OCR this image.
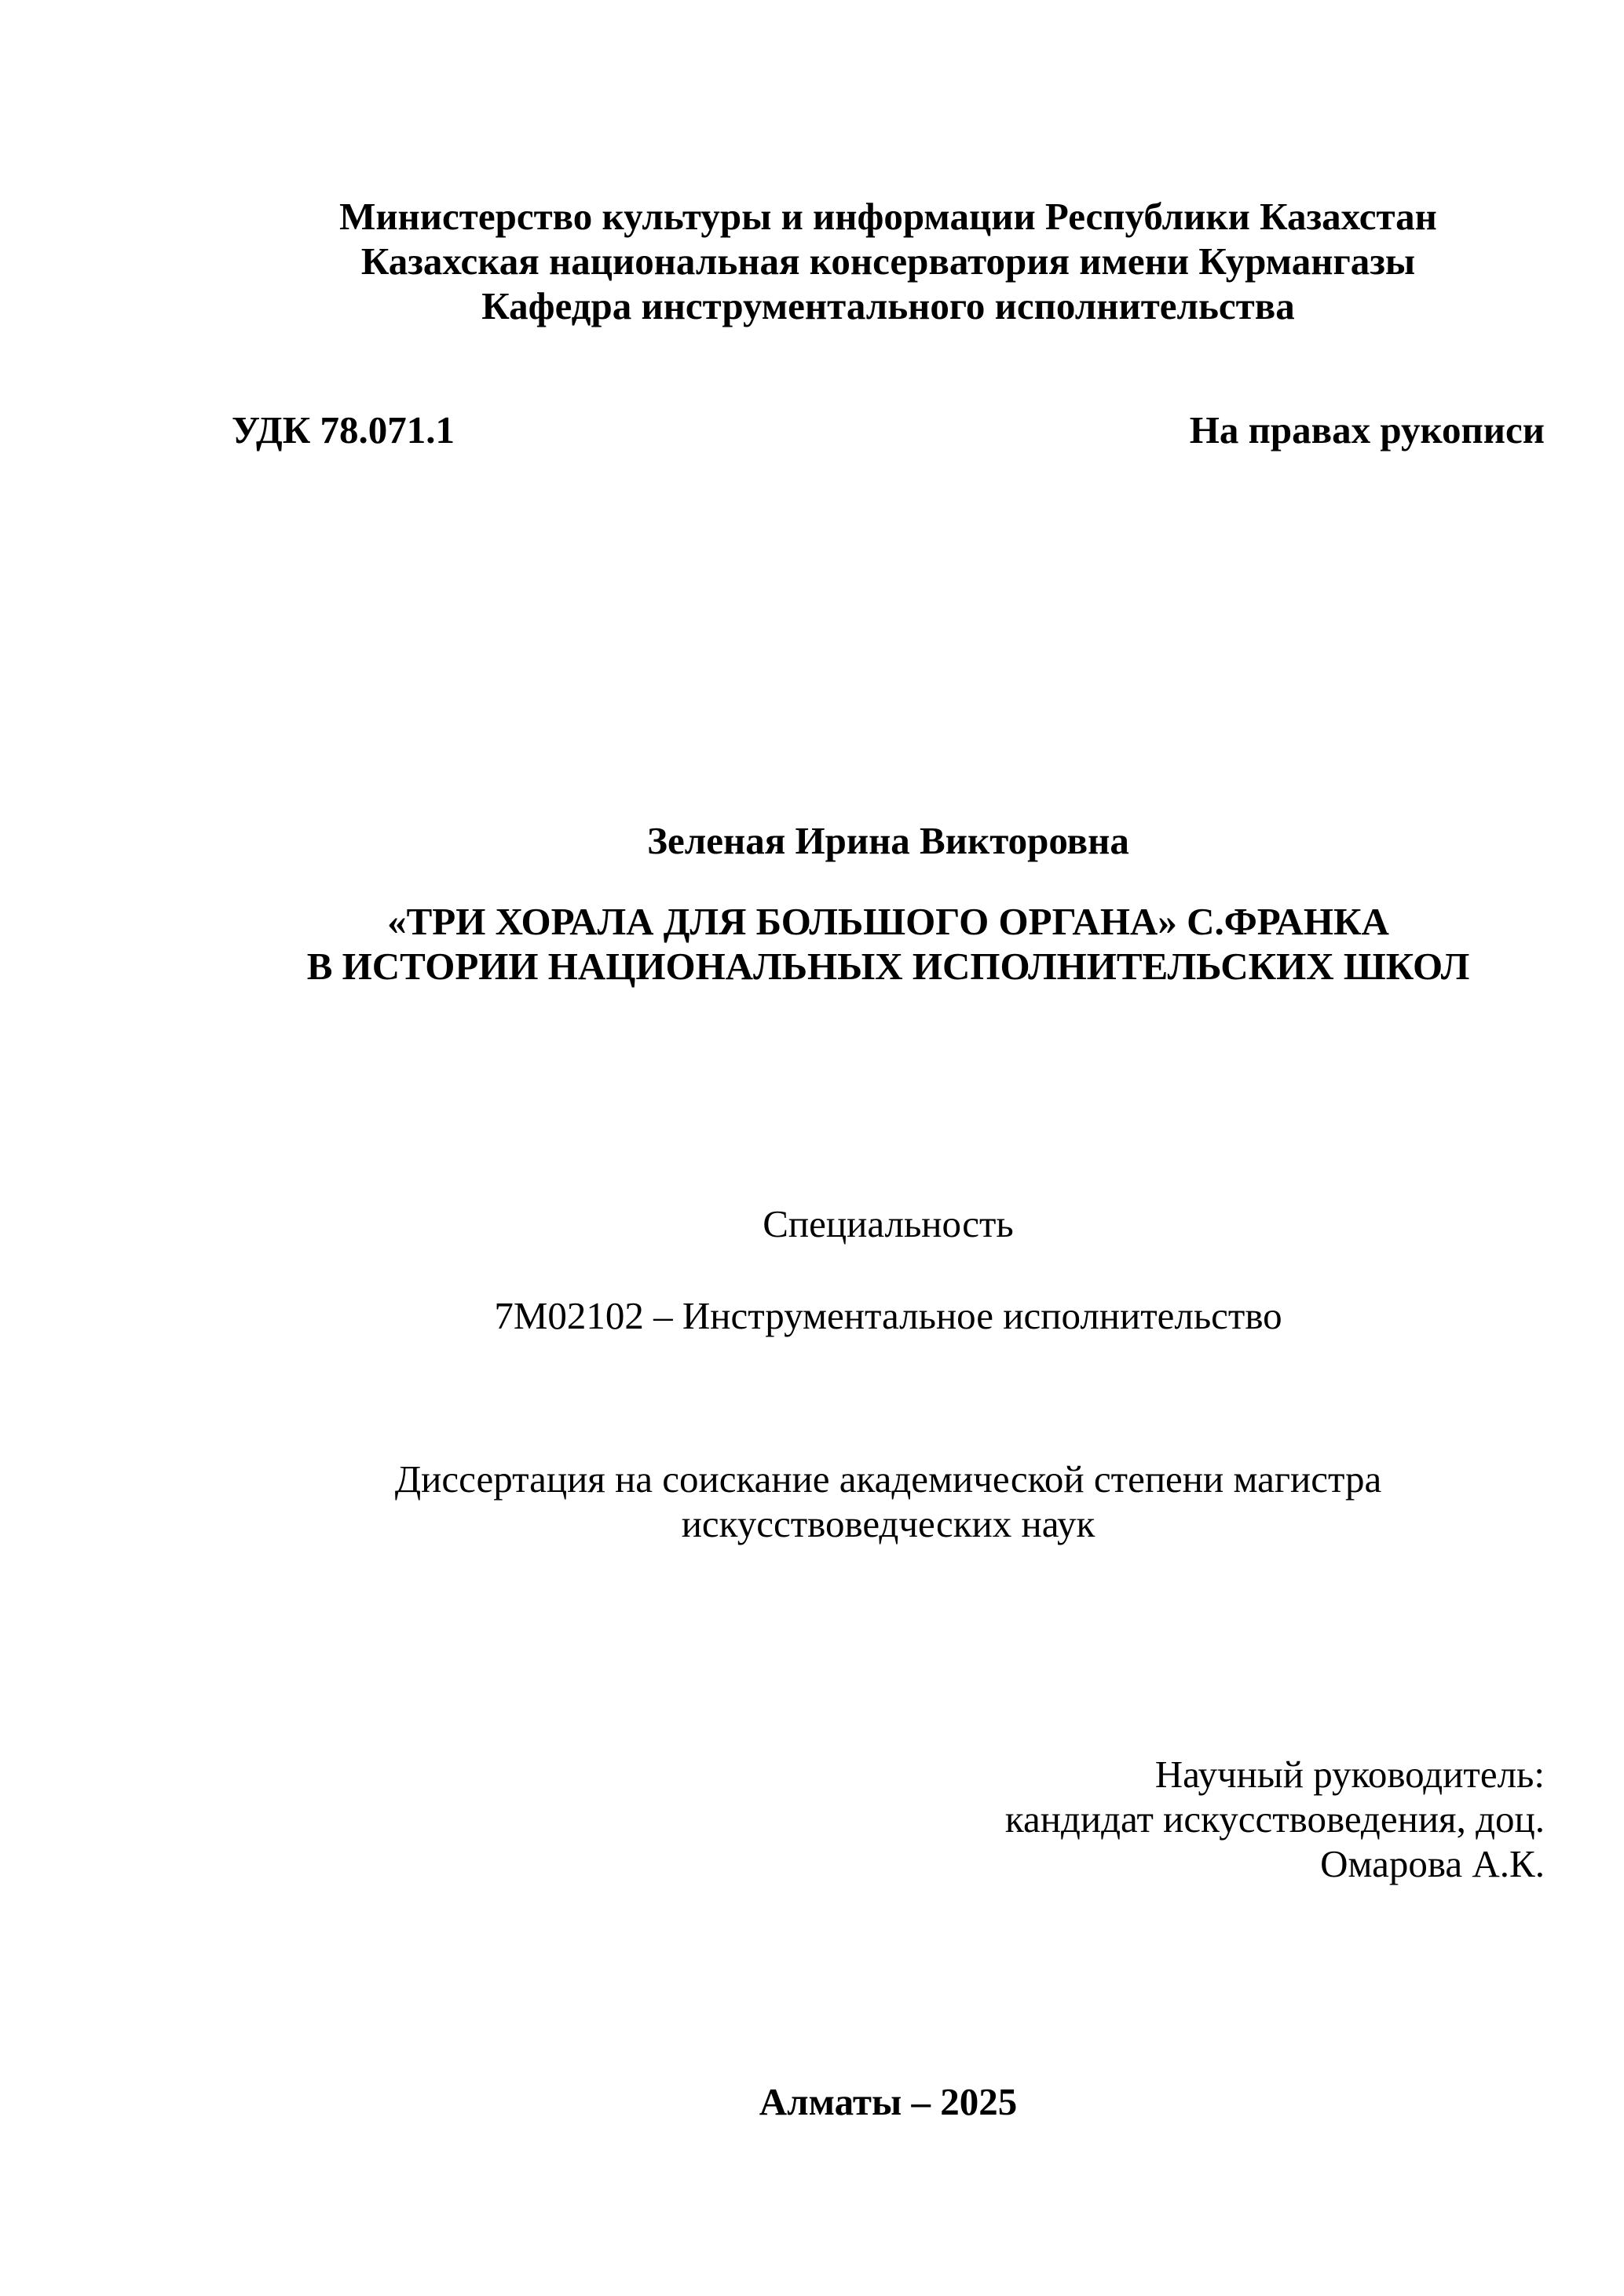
Министерство культуры и информации Республики Казахстан
Казахская национальная консерватория имени Курмангазы
Кафедра инструментального исполнительства
УДК 78.071.1	На правах рукописи
Зеленая Ирина Викторовна
«ТРИ ХОРАЛА ДЛЯ БОЛЬШОГО ОРГАНА» С.ФРАНКА
В ИСТОРИИ НАЦИОНАЛЬНЫХ ИСПОЛНИТЕЛЬСКИХ ШКОЛ
Специальность
7М02102 – Инструментальное исполнительство
Диссертация на соискание академической степени магистра
искусствоведческих наук
Научный руководитель:
кандидат искусствоведения, доц.
Омарова А.К.
Алматы – 2025
